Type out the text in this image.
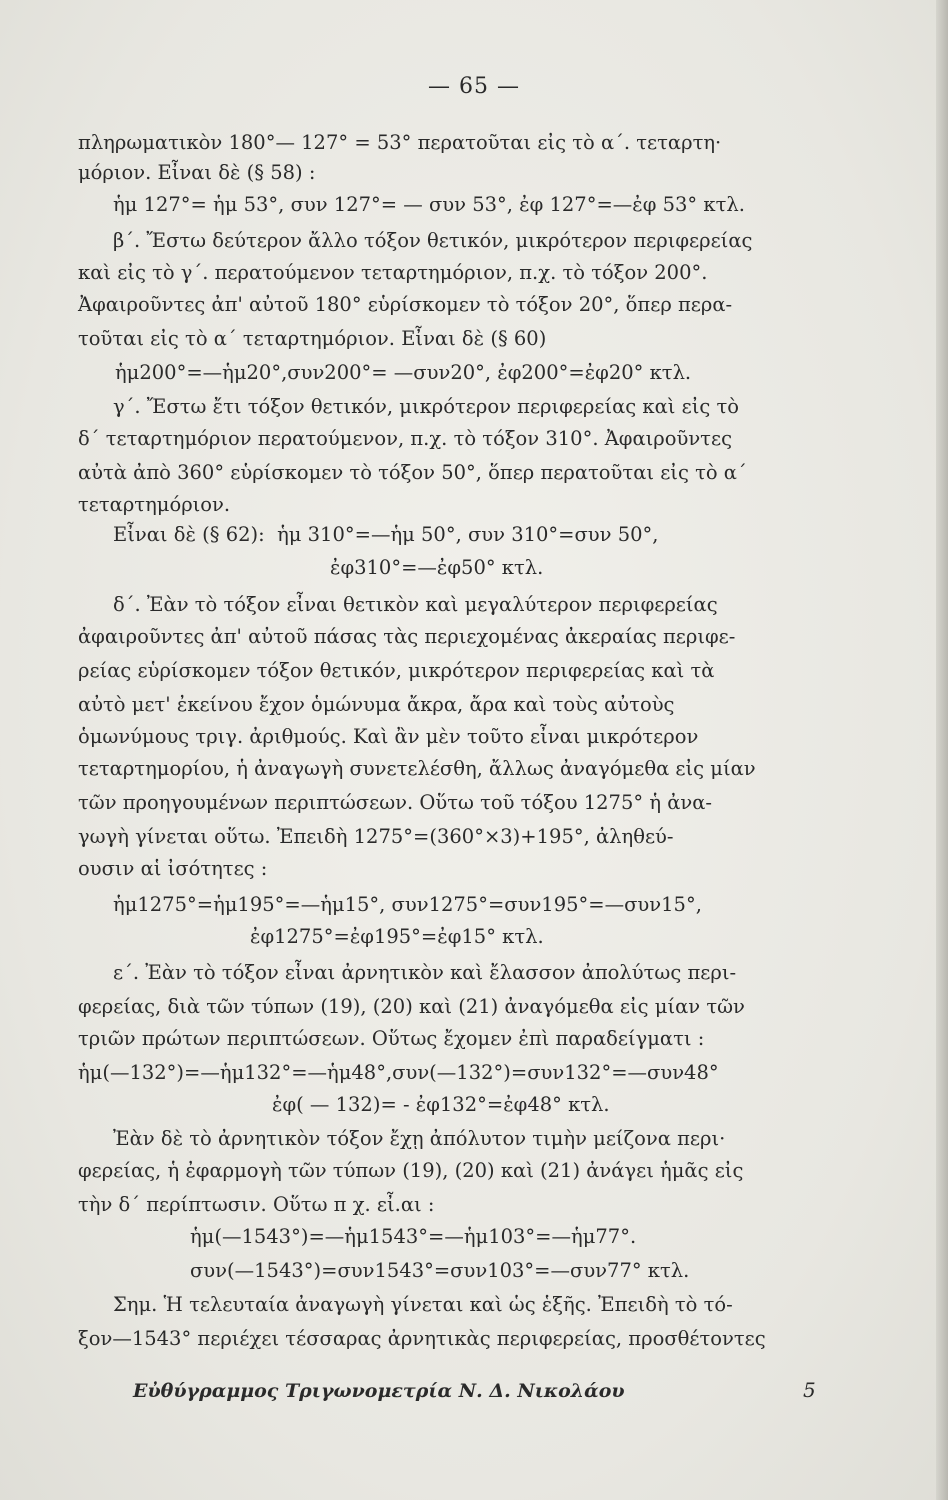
— 65 —
πληρωματικὸν 180°— 127° = 53° περατοῦται εἰς τὸ α΄. τεταρτη·
μόριον. Εἶναι δὲ (§ 58) :
ἡμ 127°= ἡμ 53°, συν 127°= — συν 53°, ἐφ 127°=—ἐφ 53° κτλ.
β΄. Ἔστω δεύτερον ἄλλο τόξον θετικόν, μικρότερον περιφερείας
καὶ εἰς τὸ γ΄. περατούμενον τεταρτημόριον, π.χ. τὸ τόξον 200°.
Ἀφαιροῦντες ἀπ' αὐτοῦ 180° εὑρίσκομεν τὸ τόξον 20°, ὅπερ περα-
τοῦται εἰς τὸ α΄ τεταρτημόριον. Εἶναι δὲ (§ 60)
ἡμ200°=—ἡμ20°,συν200°= —συν20°, ἐφ200°=ἐφ20° κτλ.
γ΄. Ἔστω ἔτι τόξον θετικόν, μικρότερον περιφερείας καὶ εἰς τὸ
δ΄ τεταρτημόριον περατούμενον, π.χ. τὸ τόξον 310°. Ἀφαιροῦντες
αὐτὰ ἀπὸ 360° εὑρίσκομεν τὸ τόξον 50°, ὅπερ περατοῦται εἰς τὸ α΄
τεταρτημόριον.
Εἶναι δὲ (§ 62):  ἡμ 310°=—ἡμ 50°, συν 310°=συν 50°,
ἐφ310°=—ἐφ50° κτλ.
δ΄. Ἐὰν τὸ τόξον εἶναι θετικὸν καὶ μεγαλύτερον περιφερείας
ἀφαιροῦντες ἀπ' αὐτοῦ πάσας τὰς περιεχομένας ἀκεραίας περιφε-
ρείας εὑρίσκομεν τόξον θετικόν, μικρότερον περιφερείας καὶ τὰ
αὐτὸ μετ' ἐκείνου ἔχον ὁμώνυμα ἄκρα, ἄρα καὶ τοὺς αὐτοὺς
ὁμωνύμους τριγ. ἀριθμούς. Καὶ ἂν μὲν τοῦτο εἶναι μικρότερον
τεταρτημορίου, ἡ ἀναγωγὴ συνετελέσθη, ἄλλως ἀναγόμεθα εἰς μίαν
τῶν προηγουμένων περιπτώσεων. Οὕτω τοῦ τόξου 1275° ἡ ἀνα-
γωγὴ γίνεται οὕτω. Ἐπειδὴ 1275°=(360°×3)+195°, ἀληθεύ-
ουσιν αἱ ἰσότητες :
ἡμ1275°=ἡμ195°=—ἡμ15°, συν1275°=συν195°=—συν15°,
ἐφ1275°=ἐφ195°=ἐφ15° κτλ.
ε΄. Ἐὰν τὸ τόξον εἶναι ἀρνητικὸν καὶ ἔλασσον ἀπολύτως περι-
φερείας, διὰ τῶν τύπων (19), (20) καὶ (21) ἀναγόμεθα εἰς μίαν τῶν
τριῶν πρώτων περιπτώσεων. Οὕτως ἔχομεν ἐπὶ παραδείγματι :
ἡμ(—132°)=—ἡμ132°=—ἡμ48°,συν(—132°)=συν132°=—συν48°
ἐφ( — 132)= - ἐφ132°=ἐφ48° κτλ.
Ἐὰν δὲ τὸ ἀρνητικὸν τόξον ἔχῃ ἀπόλυτον τιμὴν μείζονα περι·
φερείας, ἡ ἐφαρμογὴ τῶν τύπων (19), (20) καὶ (21) ἀνάγει ἡμᾶς εἰς
τὴν δ΄ περίπτωσιν. Οὕτω π χ. εἶ.αι :
ἡμ(—1543°)=—ἡμ1543°=—ἡμ103°=—ἡμ77°.
συν(—1543°)=συν1543°=συν103°=—συν77° κτλ.
Σημ. Ἡ τελευταία ἀναγωγὴ γίνεται καὶ ὡς ἑξῆς. Ἐπειδὴ τὸ τό-
ξον—1543° περιέχει τέσσαρας ἀρνητικὰς περιφερείας, προσθέτοντες
Εὐθύγραμμος Τριγωνομετρία Ν. Δ. Νικολάου	5
